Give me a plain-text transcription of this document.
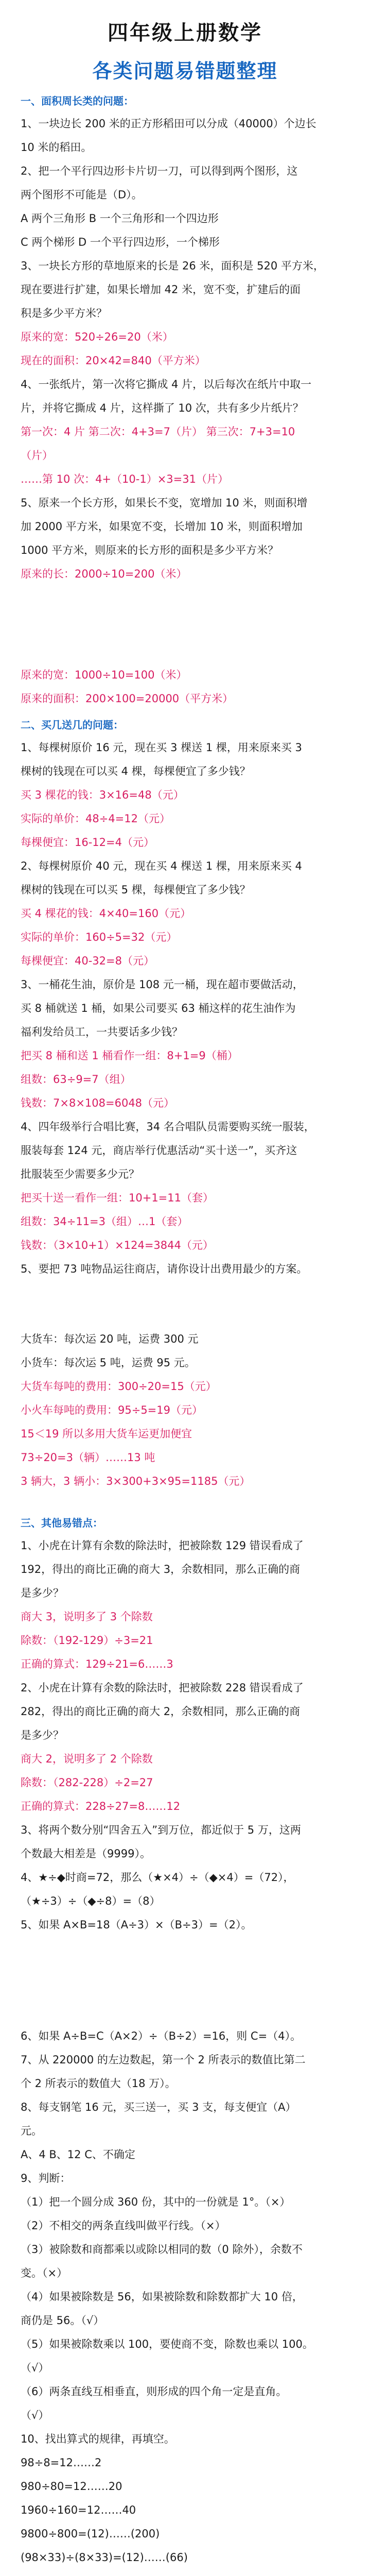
四年级上册数学
各类问题易错题整理
一、面积周长类的问题：
1、一块边长 200 米的正方形稻田可以分成（40000）个边长
10 米的稻田。
2、把一个平行四边形卡片切一刀，可以得到两个图形，这
两个图形不可能是（D）。
A 两个三角形 B 一个三角形和一个四边形
C 两个梯形 D 一个平行四边形，一个梯形
3、一块长方形的草地原来的长是 26 米，面积是 520 平方米，
现在要进行扩建，如果长增加 42 米，宽不变，扩建后的面
积是多少平方米？
原来的宽：520÷26=20（米）
现在的面积：20×42=840（平方米）
4、一张纸片，第一次将它撕成 4 片，以后每次在纸片中取一
片，并将它撕成 4 片，这样撕了 10 次，共有多少片纸片？
第一次：4 片 第二次：4+3=7（片） 第三次：7+3=10
（片）
……第 10 次：4+（10-1）×3=31（片）
5、原来一个长方形，如果长不变，宽增加 10 米，则面积增
加 2000 平方米，如果宽不变，长增加 10 米，则面积增加
1000 平方米，则原来的长方形的面积是多少平方米？
原来的长：2000÷10=200（米）
原来的宽：1000÷10=100（米）
原来的面积：200×100=20000（平方米）
二、买几送几的问题：
1、每棵树原价 16 元，现在买 3 棵送 1 棵，用来原来买 3
棵树的钱现在可以买 4 棵，每棵便宜了多少钱？
买 3 棵花的钱：3×16=48（元）
实际的单价：48÷4=12（元）
每棵便宜：16-12=4（元）
2、每棵树原价 40 元，现在买 4 棵送 1 棵，用来原来买 4
棵树的钱现在可以买 5 棵，每棵便宜了多少钱？
买 4 棵花的钱：4×40=160（元）
实际的单价：160÷5=32（元）
每棵便宜：40-32=8（元）
3、一桶花生油，原价是 108 元一桶，现在超市要做活动，
买 8 桶就送 1 桶，如果公司要买 63 桶这样的花生油作为
福利发给员工，一共要话多少钱？
把买 8 桶和送 1 桶看作一组：8+1=9（桶）
组数：63÷9=7（组）
钱数：7×8×108=6048（元）
4、四年级举行合唱比赛，34 名合唱队员需要购买统一服装，
服装每套 124 元，商店举行优惠活动“买十送一”，买齐这
批服装至少需要多少元？
把买十送一看作一组：10+1=11（套）
组数：34÷11=3（组）…1（套）
钱数：（3×10+1）×124=3844（元）
5、要把 73 吨物品运往商店，请你设计出费用最少的方案。
大货车：每次运 20 吨，运费 300 元
小货车：每次运 5 吨，运费 95 元。
大货车每吨的费用：300÷20=15（元）
小火车每吨的费用：95÷5=19（元）
15＜19 所以多用大货车运更加便宜
73÷20=3（辆）……13 吨
3 辆大，3 辆小：3×300+3×95=1185（元）
三、其他易错点：
1、小虎在计算有余数的除法时，把被除数 129 错误看成了
192，得出的商比正确的商大 3，余数相同，那么正确的商
是多少？
商大 3，说明多了 3 个除数
除数：（192-129）÷3=21
正确的算式：129÷21=6……3
2、小虎在计算有余数的除法时，把被除数 228 错误看成了
282，得出的商比正确的商大 2，余数相同，那么正确的商
是多少？
商大 2，说明多了 2 个除数
除数：（282-228）÷2=27
正确的算式：228÷27=8……12
3、将两个数分别“四舍五入”到万位，都近似于 5 万，这两
个数最大相差是（9999）。
4、★÷◆时商=72，那么（★×4）÷（◆×4）=（72），
（★÷3）÷（◆÷8）=（8）
5、如果 A×B=18（A÷3）×（B÷3）=（2）。
6、如果 A÷B=C（A×2）÷（B÷2）=16，则 C=（4）。
7、从 220000 的左边数起，第一个 2 所表示的数值比第二
个 2 所表示的数值大（18 万）。
8、每支钢笔 16 元，买三送一，买 3 支，每支便宜（A）
元。
A、4 B、12 C、不确定
9、判断：
（1）把一个圆分成 360 份，其中的一份就是 1°。（×）
（2）不相交的两条直线叫做平行线。（×）
（3）被除数和商都乘以或除以相同的数（0 除外），余数不
变。（×）
（4）如果被除数是 56，如果被除数和除数都扩大 10 倍，
商仍是 56。（√）
（5）如果被除数乘以 100，要使商不变，除数也乘以 100。
（√）
（6）两条直线互相垂直，则形成的四个角一定是直角。
（√）
10、找出算式的规律，再填空。
98÷8=12……2
980÷80=12……20
1960÷160=12……40
9800÷800=(12)……(200)
(98×33)÷(8×33)=(12)……(66)
